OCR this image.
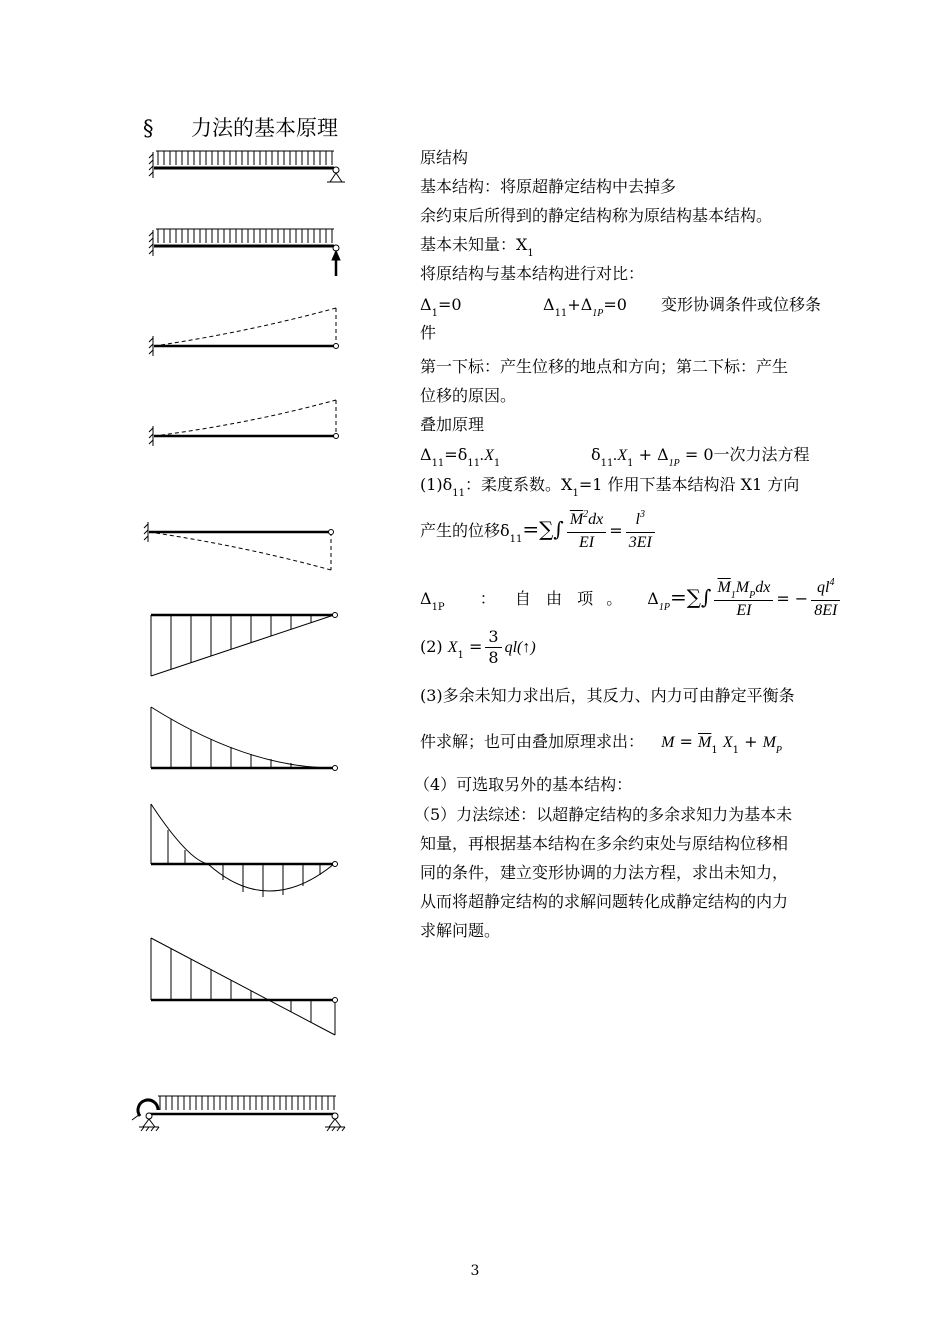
§ 力法的基本原理
原结构
基本结构：将原超静定结构中去掉多
余约束后所得到的静定结构称为原结构基本结构。
基本未知量：$X_1$
将原结构与基本结构进行对比：
$\Delta_1=0$	$\Delta_{11}+\Delta_{1P}=0$ 变形协调条件或位移条
件
第一下标：产生位移的地点和方向；第二下标：产生
位移的原因。
叠加原理
$\Delta_{11}=\delta_{11}.X_1$	$\delta_{11}.X_1 + \Delta_{1P} = 0$一次力法方程
$(1)\delta_{11}$：柔度系数。$X_1=1$ 作用下基本结构沿 X1 方向
产生的位移$\delta_{11}=\sum\int \frac{\overline{M}^2dx}{EI} = \frac{l^3}{3EI}$
$\Delta_{1P}$ ： 自 由 项 。 $\Delta_{1P}=\sum\int \frac{\overline{M}_1M_Pdx}{EI}$ = − $\frac{ql^4}{8EI}$
(2) $X_1 = \frac{3}{8}$ ql(↑)
(3)多余未知力求出后，其反力、内力可由静定平衡条
件求解；也可由叠加原理求出： $M = \overline{M}_1$ $X_1 + M_P$
（4）可选取另外的基本结构：
（5）力法综述：以超静定结构的多余求知力为基本未
知量，再根据基本结构在多余约束处与原结构位移相
同的条件，建立变形协调的力法方程，求出未知力，
从而将超静定结构的求解问题转化成静定结构的内力
求解问题。
3
